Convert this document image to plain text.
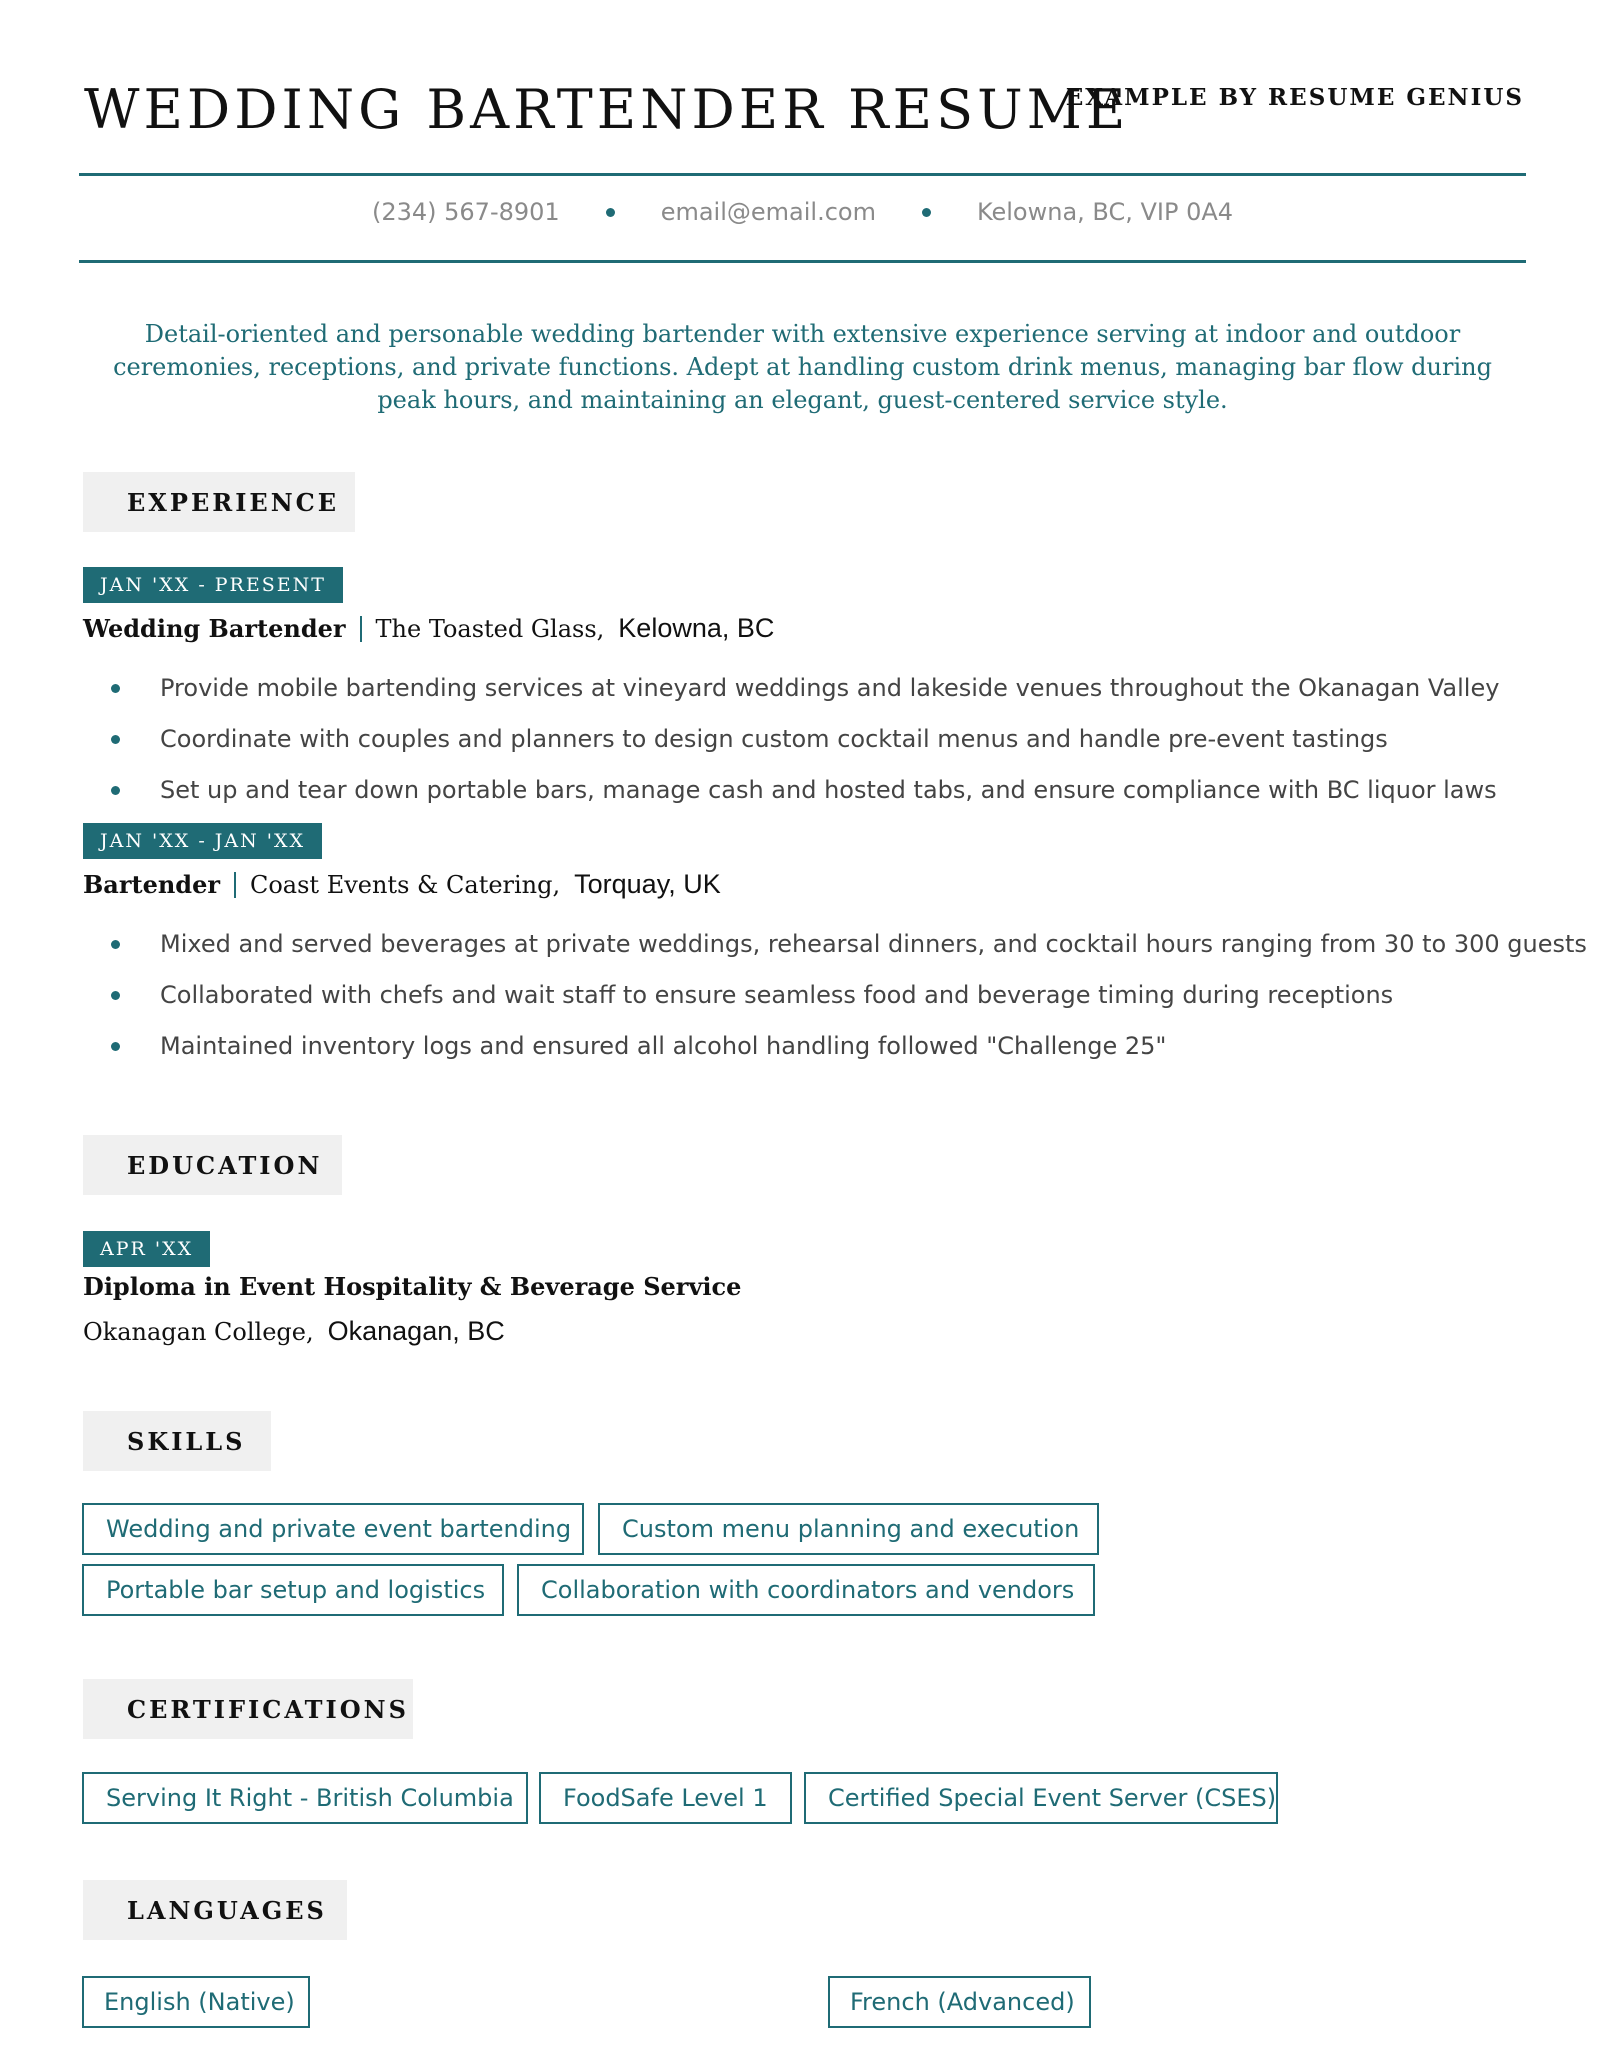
WEDDING BARTENDER RESUME
EXAMPLE BY RESUME GENIUS
(234) 567-8901	email@email.com	Kelowna, BC, VIP 0A4

Detail-oriented and personable wedding bartender with extensive experience serving at indoor and outdoor ceremonies, receptions, and private functions. Adept at handling custom drink menus, managing bar flow during peak hours, and maintaining an elegant, guest-centered service style.

EXPERIENCE
JAN 'XX - PRESENT
Wedding Bartender The Toasted Glass, Kelowna, BC
Provide mobile bartending services at vineyard weddings and lakeside venues throughout the Okanagan Valley
Coordinate with couples and planners to design custom cocktail menus and handle pre-event tastings
Set up and tear down portable bars, manage cash and hosted tabs, and ensure compliance with BC liquor laws
JAN 'XX - JAN 'XX
Bartender Coast Events & Catering, Torquay, UK
Mixed and served beverages at private weddings, rehearsal dinners, and cocktail hours ranging from 30 to 300 guests
Collaborated with chefs and wait staff to ensure seamless food and beverage timing during receptions
Maintained inventory logs and ensured all alcohol handling followed "Challenge 25"
EDUCATION
APR 'XX
Diploma in Event Hospitality & Beverage Service
Okanagan College, Okanagan, BC
SKILLS
Wedding and private event bartending	Custom menu planning and execution
Portable bar setup and logistics	Collaboration with coordinators and vendors
CERTIFICATIONS
Serving It Right - British Columbia	FoodSafe Level 1	Certified Special Event Server (CSES)
LANGUAGES
English (Native)	French (Advanced)
